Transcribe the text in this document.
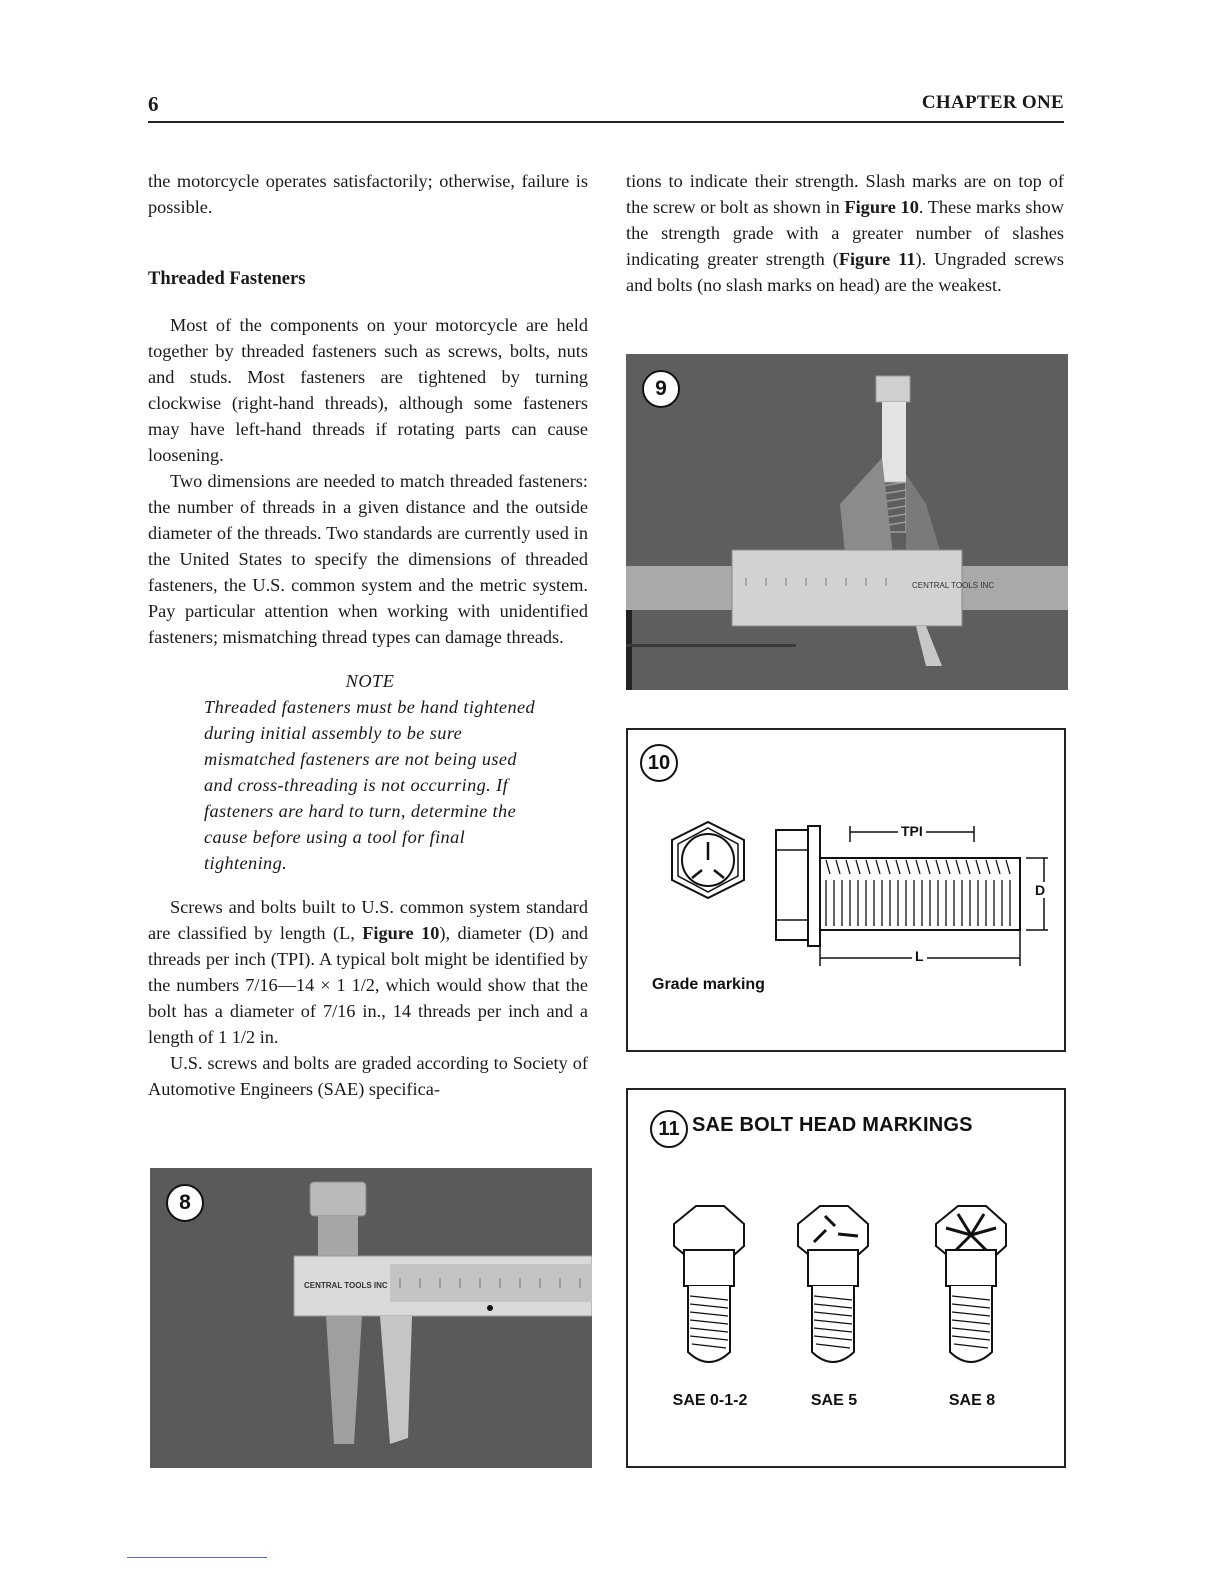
6	CHAPTER ONE

the motorcycle operates satisfactorily; otherwise, failure is possible.

Threaded Fasteners

Most of the components on your motorcycle are held together by threaded fasteners such as screws, bolts, nuts and studs. Most fasteners are tightened by turning clockwise (right-hand threads), although some fasteners may have left-hand threads if rotating parts can cause loosening.

Two dimensions are needed to match threaded fasteners: the number of threads in a given distance and the outside diameter of the threads. Two standards are currently used in the United States to specify the dimensions of threaded fasteners, the U.S. common system and the metric system. Pay particular attention when working with unidentified fasteners; mismatching thread types can damage threads.

NOTE

Threaded fasteners must be hand tightened during initial assembly to be sure mismatched fasteners are not being used and cross-threading is not occurring. If fasteners are hard to turn, determine the cause before using a tool for final tightening.

Screws and bolts built to U.S. common system standard are classified by length (L, Figure 10), diameter (D) and threads per inch (TPI). A typical bolt might be identified by the numbers 7/16—14 × 1 1/2, which would show that the bolt has a diameter of 7/16 in., 14 threads per inch and a length of 1 1/2 in.

U.S. screws and bolts are graded according to Society of Automotive Engineers (SAE) specifica-

tions to indicate their strength. Slash marks are on top of the screw or bolt as shown in Figure 10. These marks show the strength grade with a greater number of slashes indicating greater strength (Figure 11). Ungraded screws and bolts (no slash marks on head) are the weakest.

CENTRAL TOOLS INC
9
CENTRAL TOOLS INC
8
10
TPI
D
L
Grade marking
11 SAE BOLT HEAD MARKINGS
SAE 0-1-2	SAE 5	SAE 8
